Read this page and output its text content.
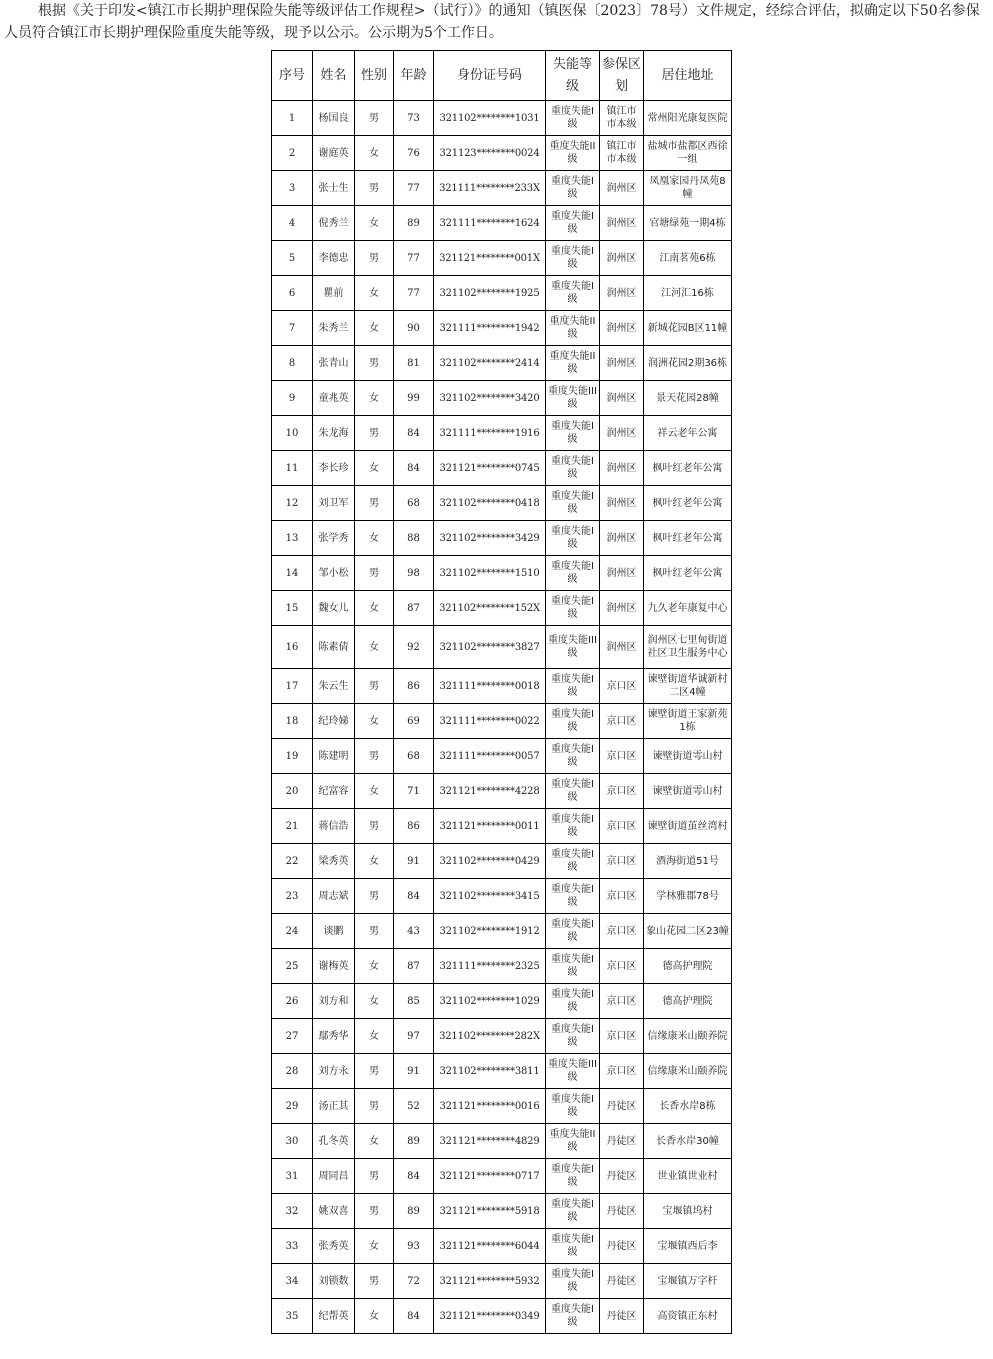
根据《关于印发<镇江市长期护理保险失能等级评估工作规程>（试行）》的通知（镇医保〔2023〕78号）文件规定，经综合评估，拟确定以下50名参保人员符合镇江市长期护理保险重度失能等级，现予以公示。公示期为5个工作日。

序号	姓名	性别	年龄	身份证号码	失能等级	参保区划	居住地址
1	杨国良	男	73	321102********1031	重度失能I级	镇江市市本级	常州阳光康复医院
2	谢庭英	女	76	321123********0024	重度失能II级	镇江市市本级	盐城市盐都区西徐一组
3	张士生	男	77	321111********233X	重度失能I级	润州区	凤凰家园丹凤苑8幢
4	倪秀兰	女	89	321111********1624	重度失能I级	润州区	官塘绿苑一期4栋
5	李德忠	男	77	321121********001X	重度失能I级	润州区	江南茗苑6栋
6	瞿前	女	77	321102********1925	重度失能I级	润州区	江河汇16栋
7	朱秀兰	女	90	321111********1942	重度失能II级	润州区	新城花园B区11幢
8	张青山	男	81	321102********2414	重度失能II级	润州区	润洲花园2期36栋
9	童兆英	女	99	321102********3420	重度失能III级	润州区	景天花园28幢
10	朱龙海	男	84	321111********1916	重度失能I级	润州区	祥云老年公寓
11	李长珍	女	84	321121********0745	重度失能I级	润州区	枫叶红老年公寓
12	刘卫军	男	68	321102********0418	重度失能I级	润州区	枫叶红老年公寓
13	张学秀	女	88	321102********3429	重度失能I级	润州区	枫叶红老年公寓
14	邹小松	男	98	321102********1510	重度失能I级	润州区	枫叶红老年公寓
15	魏女儿	女	87	321102********152X	重度失能I级	润州区	九久老年康复中心
16	陈素倩	女	92	321102********3827	重度失能III级	润州区	润州区七里甸街道社区卫生服务中心
17	朱云生	男	86	321111********0018	重度失能I级	京口区	谏壁街道华诚新村二区4幢
18	纪玲娣	女	69	321111********0022	重度失能I级	京口区	谏壁街道王家新苑1栋
19	陈建明	男	68	321111********0057	重度失能I级	京口区	谏壁街道雩山村
20	纪富容	女	71	321121********4228	重度失能I级	京口区	谏壁街道雩山村
21	蒋信浩	男	86	321121********0011	重度失能I级	京口区	谏壁街道茧丝湾村
22	梁秀英	女	91	321102********0429	重度失能I级	京口区	酒海街道51号
23	周志斌	男	84	321102********3415	重度失能I级	京口区	学林雅郡78号
24	谈鹏	男	43	321102********1912	重度失能I级	京口区	象山花园二区23幢
25	谢梅英	女	87	321111********2325	重度失能I级	京口区	德高护理院
26	刘方和	女	85	321102********1029	重度失能I级	京口区	德高护理院
27	鄢秀华	女	97	321102********282X	重度失能I级	京口区	信缘康米山颐养院
28	刘方永	男	91	321102********3811	重度失能III级	京口区	信缘康米山颐养院
29	汤正其	男	52	321121********0016	重度失能I级	丹徒区	长香水岸8栋
30	孔冬英	女	89	321121********4829	重度失能II级	丹徒区	长香水岸30幢
31	周同昌	男	84	321121********0717	重度失能I级	丹徒区	世业镇世业村
32	姚双喜	男	89	321121********5918	重度失能I级	丹徒区	宝堰镇坞村
33	张秀英	女	93	321121********6044	重度失能I级	丹徒区	宝堰镇西后李
34	刘锁数	男	72	321121********5932	重度失能I级	丹徒区	宝堰镇万字杆
35	纪帮英	女	84	321121********0349	重度失能I级	丹徒区	高资镇正东村
